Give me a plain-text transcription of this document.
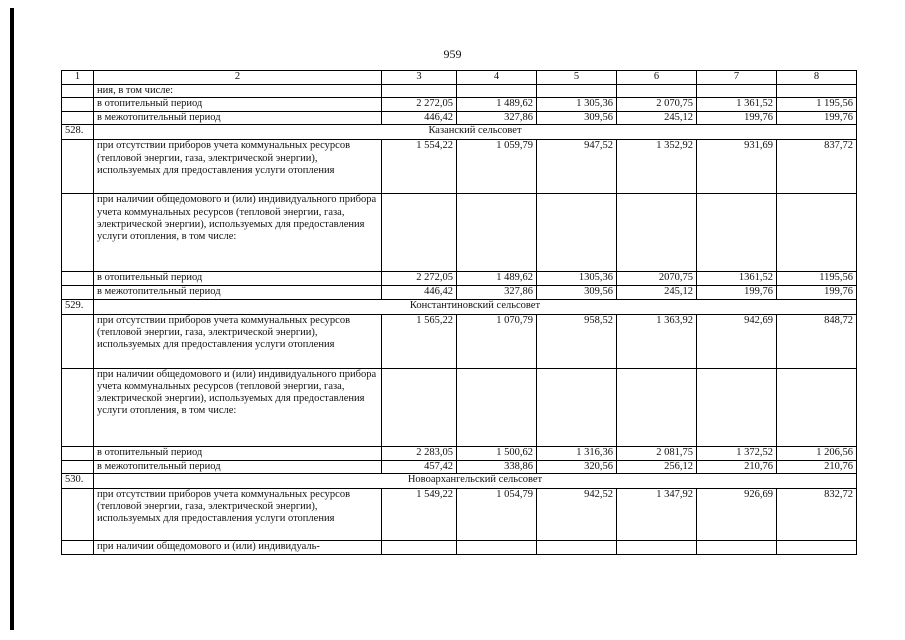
959
1	2	3	4	5	6	7	8
	ния, в том числе:						
	в отопительный период	2 272,05	1 489,62	1 305,36	2 070,75	1 361,52	1 195,56
	в межотопительный период	446,42	327,86	309,56	245,12	199,76	199,76
528.	Казанский сельсовет						
	при отсутствии приборов учета коммунальных ресурсов (тепловой энергии, газа, электрической энергии), используемых для предоставления услуги отопления	1 554,22	1 059,79	947,52	1 352,92	931,69	837,72
	при наличии общедомового и (или) индивидуального прибора учета коммунальных ресурсов (тепловой энергии, газа, электрической энергии), используемых для предоставления услуги отопления, в том числе:						
	в отопительный период	2 272,05	1 489,62	1305,36	2070,75	1361,52	1195,56
	в межотопительный период	446,42	327,86	309,56	245,12	199,76	199,76
529.	Константиновский сельсовет						
	при отсутствии приборов учета коммунальных ресурсов (тепловой энергии, газа, электрической энергии), используемых для предоставления услуги отопления	1 565,22	1 070,79	958,52	1 363,92	942,69	848,72
	при наличии общедомового и (или) индивидуального прибора учета коммунальных ресурсов (тепловой энергии, газа, электрической энергии), используемых для предоставления услуги отопления, в том числе:						
	в отопительный период	2 283,05	1 500,62	1 316,36	2 081,75	1 372,52	1 206,56
	в межотопительный период	457,42	338,86	320,56	256,12	210,76	210,76
530.	Новоархангельский сельсовет						
	при отсутствии приборов учета коммунальных ресурсов (тепловой энергии, газа, электрической энергии), используемых для предоставления услуги отопления	1 549,22	1 054,79	942,52	1 347,92	926,69	832,72
	при наличии общедомового и (или) индивидуаль-						
